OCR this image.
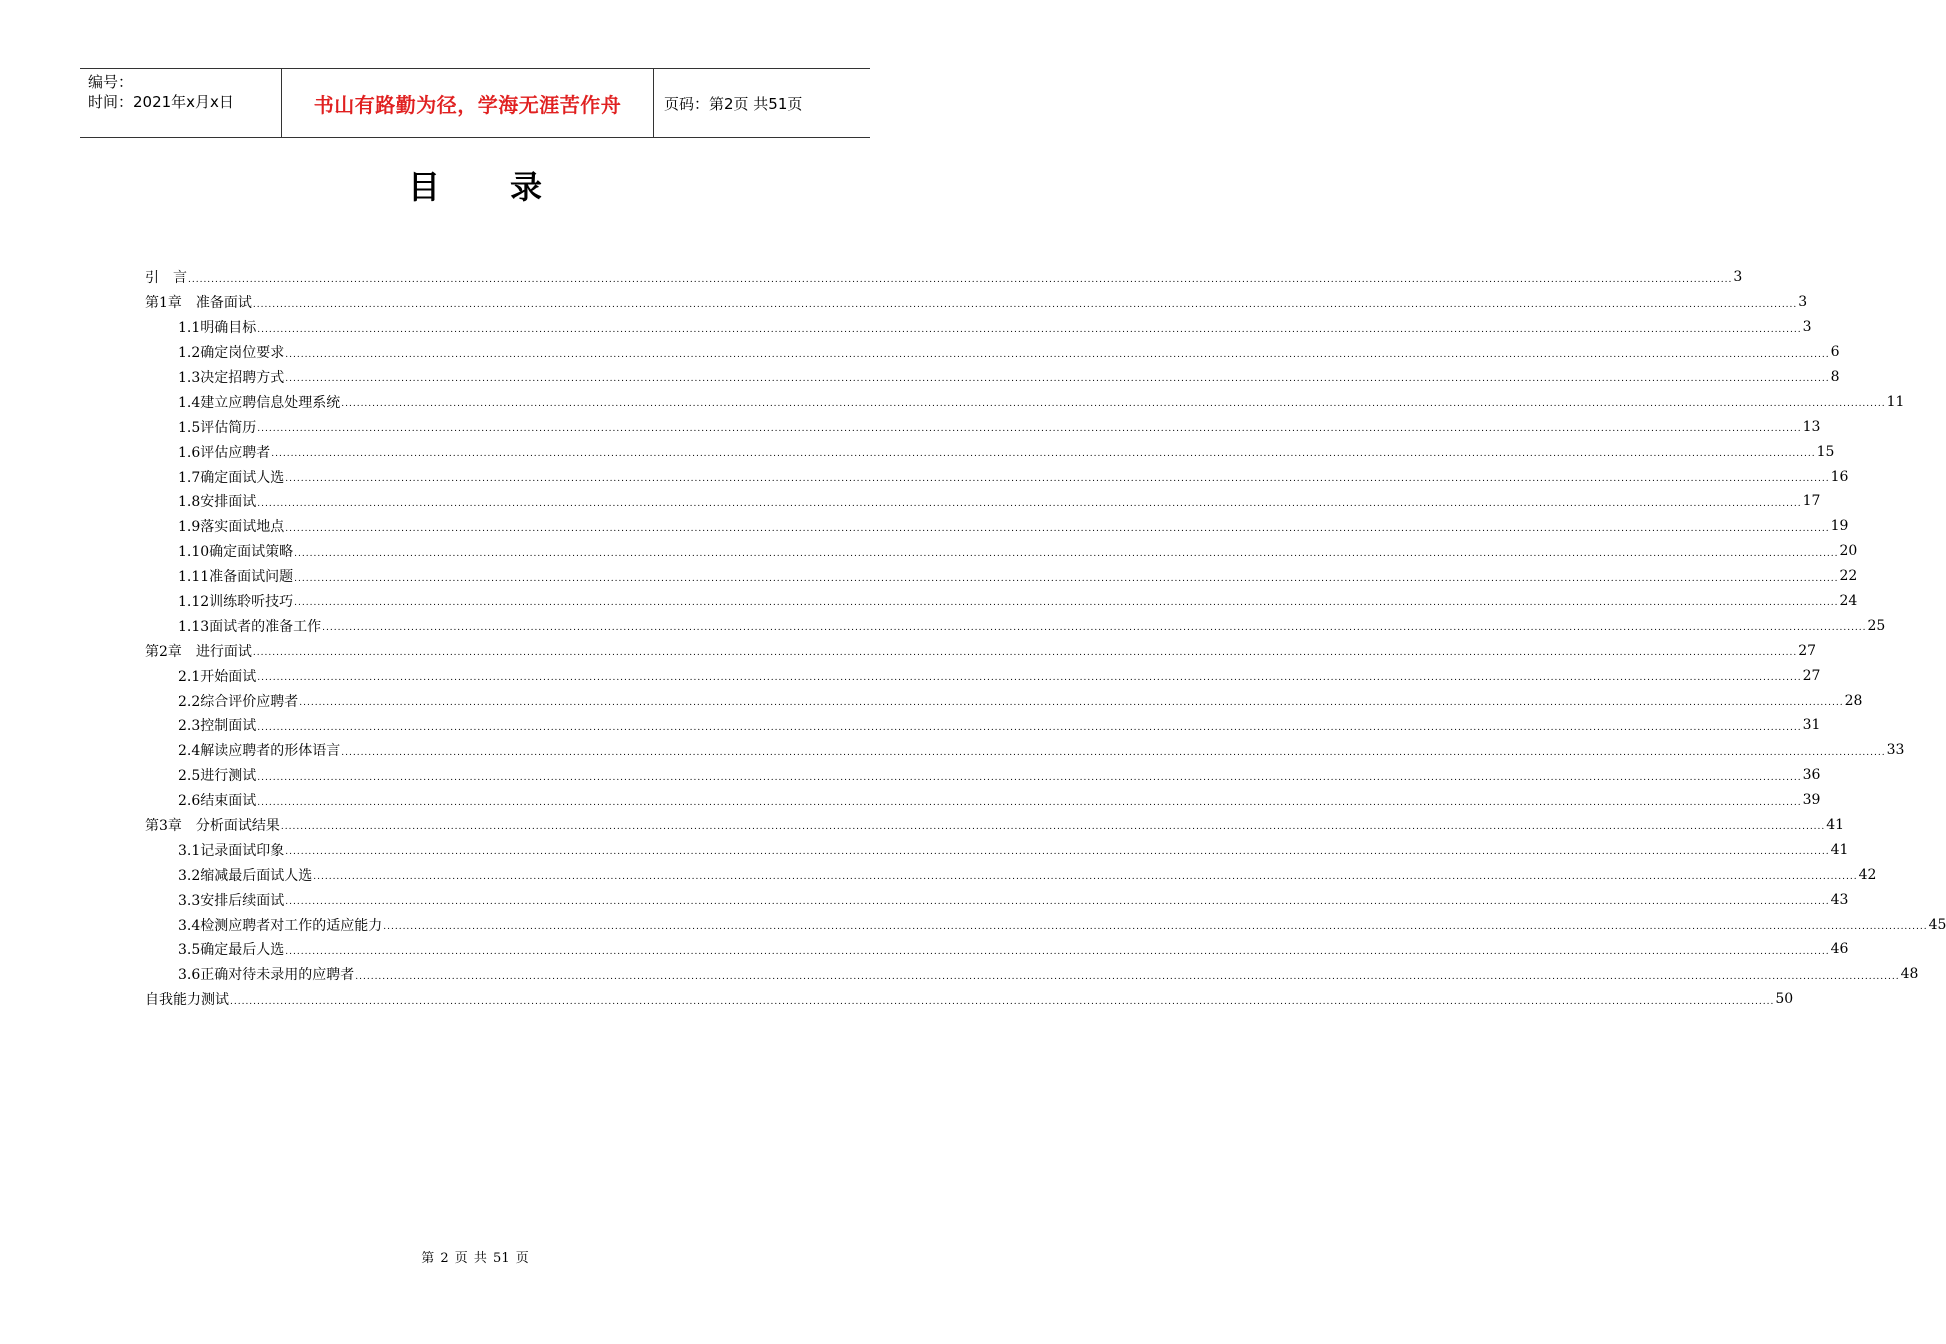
编号：
时间：2021年x月x日	书山有路勤为径，学海无涯苦作舟	页码：第2页 共51页
目录
引　言 ................................................................................................................................................................................................................................................................................................................................................................................................................ 3
第1章　准备面试 ................................................................................................................................................................................................................................................................................................................................................................................................................ 3
1.1明确目标 ................................................................................................................................................................................................................................................................................................................................................................................................................ 3
1.2确定岗位要求 ................................................................................................................................................................................................................................................................................................................................................................................................................ 6
1.3决定招聘方式 ................................................................................................................................................................................................................................................................................................................................................................................................................ 8
1.4建立应聘信息处理系统 ................................................................................................................................................................................................................................................................................................................................................................................................................ 11
1.5评估简历 ................................................................................................................................................................................................................................................................................................................................................................................................................ 13
1.6评估应聘者 ................................................................................................................................................................................................................................................................................................................................................................................................................ 15
1.7确定面试人选 ................................................................................................................................................................................................................................................................................................................................................................................................................ 16
1.8安排面试 ................................................................................................................................................................................................................................................................................................................................................................................................................ 17
1.9落实面试地点 ................................................................................................................................................................................................................................................................................................................................................................................................................ 19
1.10确定面试策略 ................................................................................................................................................................................................................................................................................................................................................................................................................ 20
1.11准备面试问题 ................................................................................................................................................................................................................................................................................................................................................................................................................ 22
1.12训练聆听技巧 ................................................................................................................................................................................................................................................................................................................................................................................................................ 24
1.13面试者的准备工作 ................................................................................................................................................................................................................................................................................................................................................................................................................ 25
第2章　进行面试 ................................................................................................................................................................................................................................................................................................................................................................................................................ 27
2.1开始面试 ................................................................................................................................................................................................................................................................................................................................................................................................................ 27
2.2综合评价应聘者 ................................................................................................................................................................................................................................................................................................................................................................................................................ 28
2.3控制面试 ................................................................................................................................................................................................................................................................................................................................................................................................................ 31
2.4解读应聘者的形体语言 ................................................................................................................................................................................................................................................................................................................................................................................................................ 33
2.5进行测试 ................................................................................................................................................................................................................................................................................................................................................................................................................ 36
2.6结束面试 ................................................................................................................................................................................................................................................................................................................................................................................................................ 39
第3章　分析面试结果 ................................................................................................................................................................................................................................................................................................................................................................................................................ 41
3.1记录面试印象 ................................................................................................................................................................................................................................................................................................................................................................................................................ 41
3.2缩减最后面试人选 ................................................................................................................................................................................................................................................................................................................................................................................................................ 42
3.3安排后续面试 ................................................................................................................................................................................................................................................................................................................................................................................................................ 43
3.4检测应聘者对工作的适应能力 ................................................................................................................................................................................................................................................................................................................................................................................................................ 45
3.5确定最后人选 ................................................................................................................................................................................................................................................................................................................................................................................................................ 46
3.6正确对待未录用的应聘者 ................................................................................................................................................................................................................................................................................................................................................................................................................ 48
自我能力测试 ................................................................................................................................................................................................................................................................................................................................................................................................................ 50
第 2 页 共 51 页
